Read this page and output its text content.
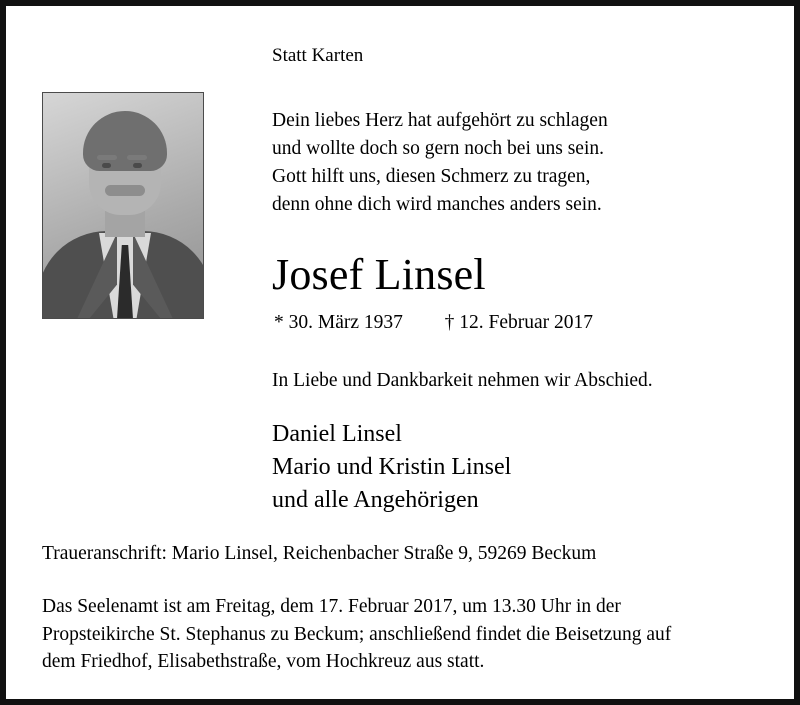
Statt Karten
Dein liebes Herz hat aufgehört zu schlagen
und wollte doch so gern noch bei uns sein.
Gott hilft uns, diesen Schmerz zu tragen,
denn ohne dich wird manches anders sein.
Josef Linsel
* 30. März 1937 † 12. Februar 2017
In Liebe und Dankbarkeit nehmen wir Abschied.
Daniel Linsel
Mario und Kristin Linsel
und alle Angehörigen
Traueranschrift: Mario Linsel, Reichenbacher Straße 9, 59269 Beckum
Das Seelenamt ist am Freitag, dem 17. Februar 2017, um 13.30 Uhr in der
Propsteikirche St. Stephanus zu Beckum; anschließend findet die Beisetzung auf
dem Friedhof, Elisabethstraße, vom Hochkreuz aus statt.
